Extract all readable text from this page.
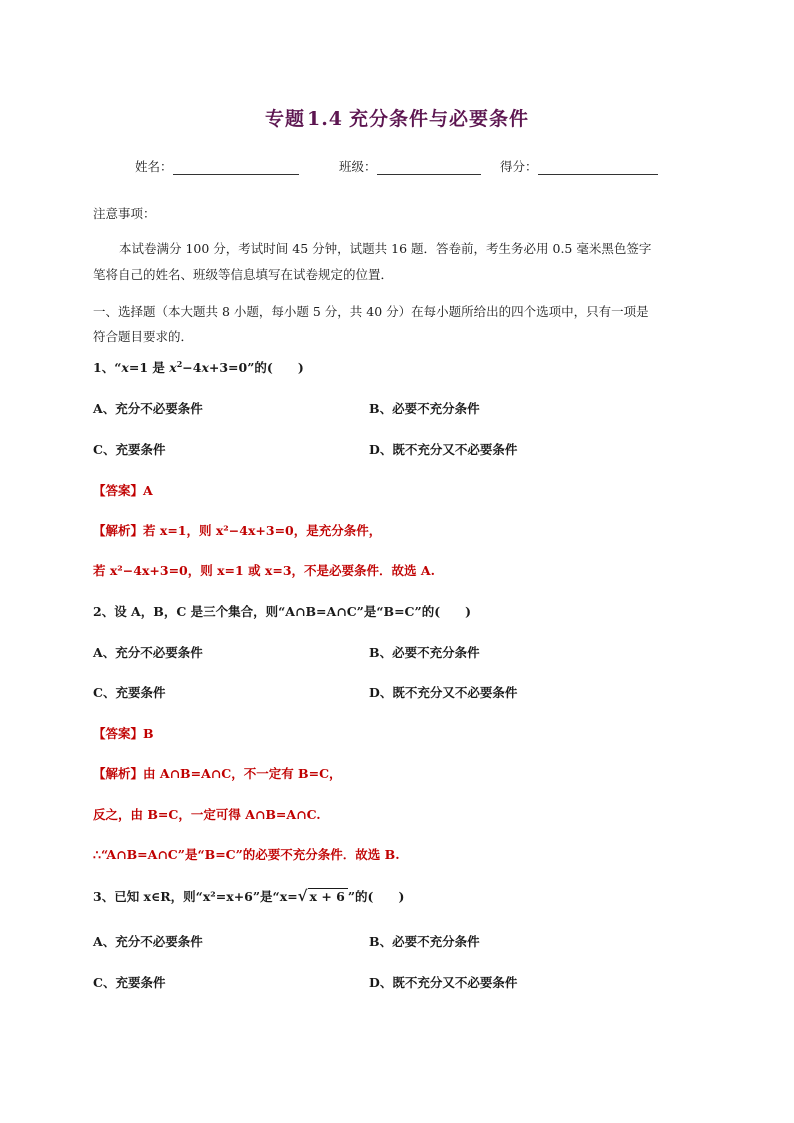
专题 1.4 充分条件与必要条件
姓名：	班级：	得分：
注意事项：
本试卷满分 100 分，考试时间 45 分钟，试题共 16 题．答卷前，考生务必用 0.5 毫米黑色签字
笔将自己的姓名、班级等信息填写在试卷规定的位置．
一、选择题（本大题共 8 小题，每小题 5 分，共 40 分）在每小题所给出的四个选项中，只有一项是
符合题目要求的．
1、“x=1 是 $x^2-4x+3=0$”的(　　)
A、充分不必要条件	B、必要不充分条件
C、充要条件	D、既不充分又不必要条件
【答案】A
【解析】若 x=1，则 x²−4x+3=0，是充分条件，
若 x²−4x+3=0，则 x=1 或 x=3，不是必要条件．故选 A.
2、设 A，B，C 是三个集合，则“A∩B=A∩C”是“B=C”的(　　)
A、充分不必要条件	B、必要不充分条件
C、充要条件	D、既不充分又不必要条件
【答案】B
【解析】由 A∩B=A∩C，不一定有 B=C，
反之，由 B=C，一定可得 A∩B=A∩C.
∴“A∩B=A∩C”是“B=C”的必要不充分条件．故选 B.
3、已知 x∈R，则“x²=x+6”是“x=√ x + 6 ”的(　　)
A、充分不必要条件	B、必要不充分条件
C、充要条件	D、既不充分又不必要条件
